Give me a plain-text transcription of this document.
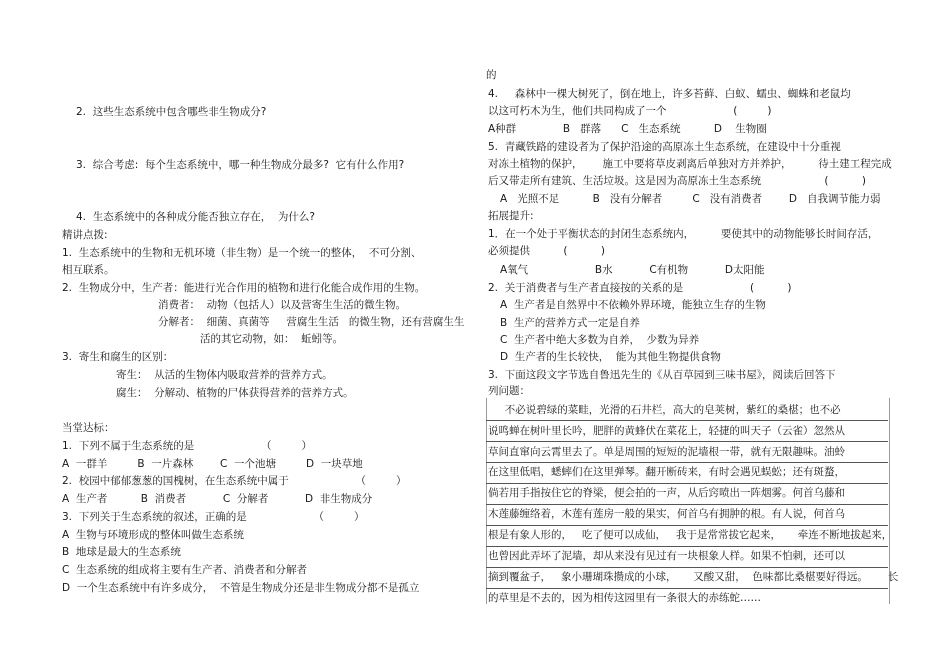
2.  这些生态系统中包含哪些非生物成分?
3.  综合考虑:  每个生态系统中，哪一种生物成分最多?  它有什么作用?
4.  生态系统中的各种成分能否独立存在，  为什么?
精讲点拨:
1.  生态系统中的生物和无机环境（非生物）是一个统一的整体，  不可分割、
相互联系。
2.  生物成分中，生产者：能进行光合作用的植物和进行化能合成作用的生物。
消费者：  动物（包括人）以及营寄生生活的微生物。
分解者：  细菌、真菌等     营腐生生活   的微生物，还有营腐生生
活的其它动物，如：  蚯蚓等。
3.  寄生和腐生的区别：
寄生：  从活的生物体内吸取营养的营养方式。
腐生：  分解动、植物的尸体获得营养的营养方式。
当堂达标：
1.  下列不属于生态系统的是                    （         ）
A  一群羊         B  一片森林        C  一个池塘         D  一块草地
2.  校园中郁郁葱葱的国槐树，在生态系统中属于                    （         ）
A  生产者          B  消费者           C  分解者           D  非生物成分
3.  下列关于生态系统的叙述，正确的是                    （         ）
A  生物与环境形成的整体叫做生态系统
B  地球是最大的生态系统
C  生态系统的组成将主要有生产者、消费者和分解者
D  一个生态系统中有许多成分，  不管是生物成分还是非生物成分都不是孤立
的
4.     森林中一棵大树死了，倒在地上，许多苔藓、白蚁、蠕虫、蜘蛛和老鼠均
以这可朽木为生，他们共同构成了一个                    (         )
A种群              B   群落      C   生态系统          D    生物圈
5.  青藏铁路的建设者为了保护沿途的高原冻土生态系统，在建设中十分重视
对冻土植物的保护，      施工中要将草皮剥离后单独对方并养护，        待土建工程完成
后又带走所有建筑、生活垃圾。这是因为高原冻土生态系统                   (          )
A   光照不足          B   没有分解者         C   没有消费者        D   自我调节能力弱
拓展提升:
1．在一个处于平衡状态的封闭生态系统内，        要使其中的动物能够长时间存活，
必须提供          (          )
A氧气                    B水           C有机物           D太阳能
2.  关于消费者与生产者直接按的关系的是                    (          )
A  生产者是自然界中不依赖外界环境，能独立生存的生物
B  生产的营养方式一定是自养
C  生产者中绝大多数为自养，  少数为异养
D  生产者的生长较快，  能为其他生物提供食物
3.  下面这段文字节选自鲁迅先生的《从百草园到三味书屋》，阅读后回答下
列问题：
不必说碧绿的菜畦，光滑的石井栏，高大的皂荚树，紫红的桑椹；也不必
说鸣蝉在树叶里长吟，肥胖的黄蜂伏在菜花上，轻捷的叫天子（云雀）忽然从
草间直窜向云霄里去了。单是周围的短短的泥墙根一带，就有无限趣味。油蛉
在这里低唱，蟋蟀们在这里弹琴。翻开断砖来，有时会遇见蜈蚣；还有斑蝥，
倘若用手指按住它的脊梁，便会拍的一声，从后窍喷出一阵烟雾。何首乌藤和
木莲藤缠络着，木莲有莲房一般的果实，何首乌有拥肿的根。有人说，何首乌
根是有象人形的，   吃了便可以成仙，   我于是常常拔它起来，     牵连不断地拔起来，
也曾因此弄坏了泥墙，却从来没有见过有一块根象人样。如果不怕刺，还可以
摘到覆盆子，   象小珊瑚珠攒成的小球，     又酸又甜，  色味都比桑椹要好得远。      长
的草里是不去的，因为相传这园里有一条很大的赤练蛇……
